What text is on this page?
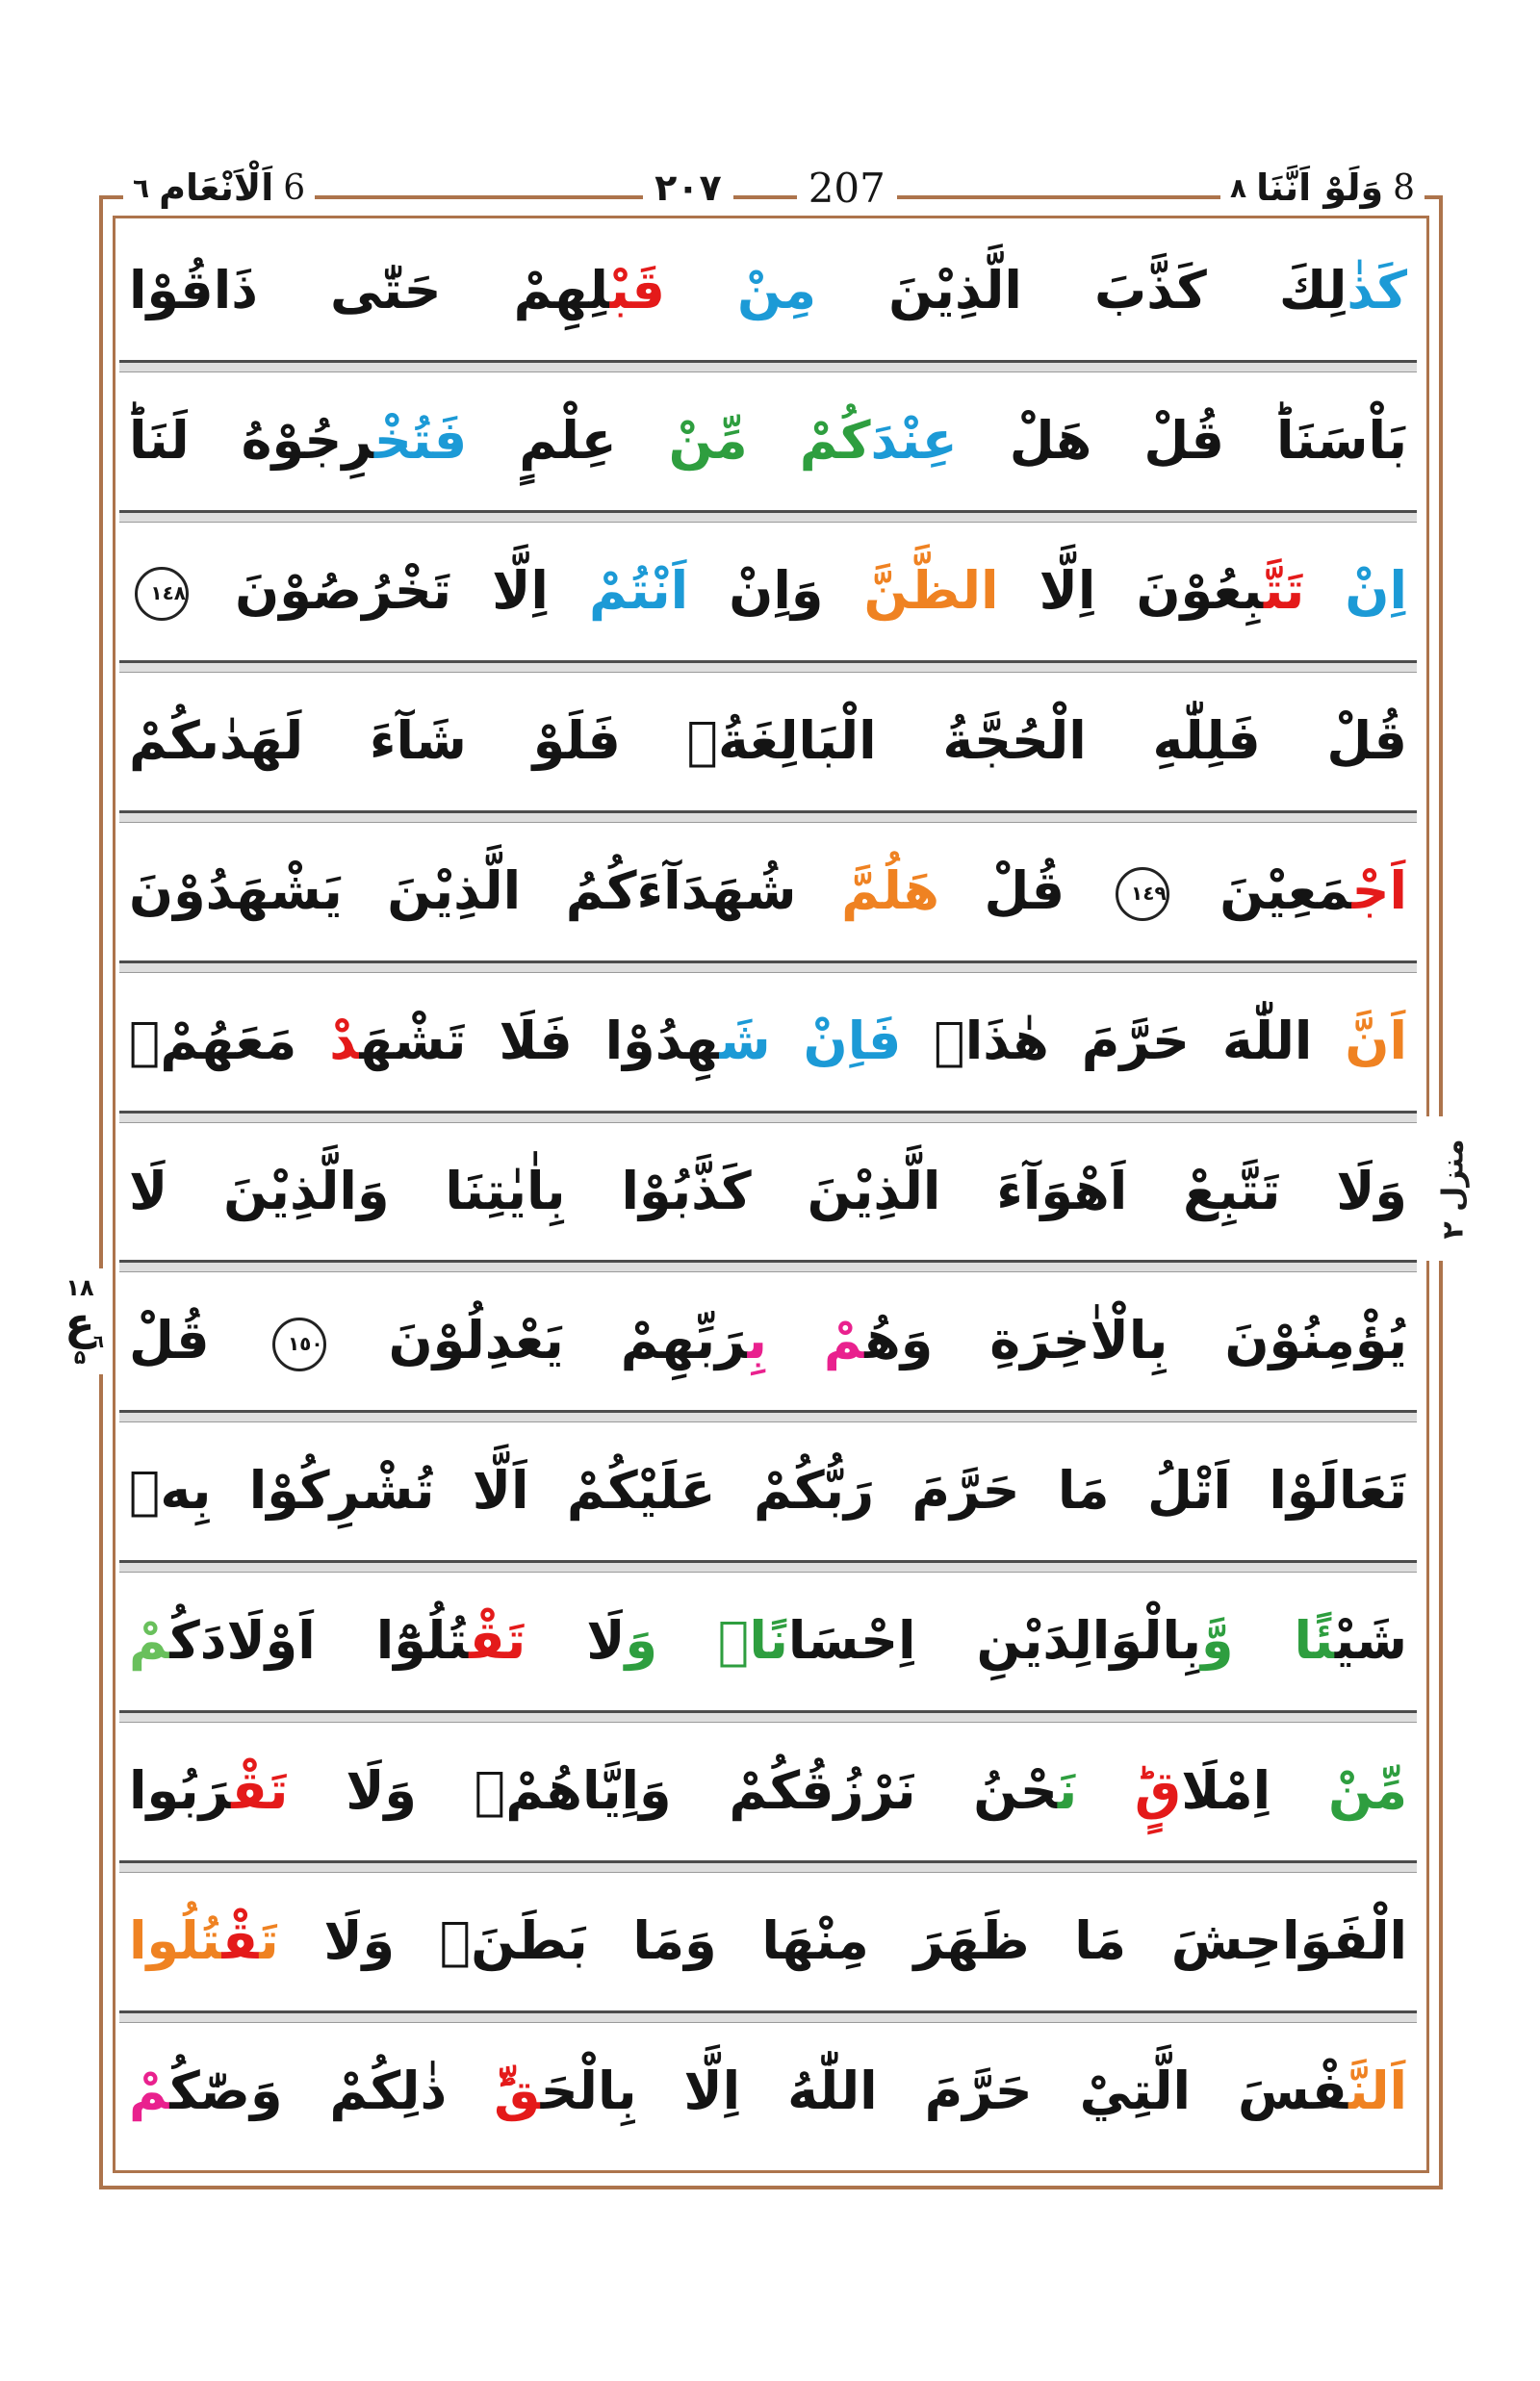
٦ اَلْاَنْعَام 6	٢٠٧ 207	٨ وَلَوْ اَنَّنَا 8
كَذٰلِكَ كَذَّبَ الَّذِيْنَ مِنْ قَبْ‍‍لِهِمْ حَتّٰى ذَاقُوْا
بَاْسَنَاؕ قُلْ هَلْ عِنْدَكُمْ مِّنْ عِلْمٍ فَتُخْ‍‍رِجُوْهُ لَنَاؕ
اِنْ تَتَّ‍‍بِعُوْنَ اِلَّا الظَّنَّ وَاِنْ اَنْتُمْ اِلَّا تَخْرُصُوْنَ ١٤٨
قُلْ فَلِلّٰهِ الْحُجَّةُ الْبَالِغَةُۚ فَلَوْ شَآءَ لَهَدٰىكُمْ
اَجْ‍‍مَعِيْنَ ١٤٩ قُلْ هَلُمَّ شُهَدَآءَكُمُ الَّذِيْنَ يَشْهَدُوْنَ
اَنَّ اللّٰهَ حَرَّمَ هٰذَاۚ فَاِنْ شَ‍‍هِدُوْا فَلَا تَشْهَ‍‍دْ مَعَهُمْۚ
وَلَا تَتَّبِعْ اَهْوَآءَ الَّذِيْنَ كَذَّبُوْا بِاٰيٰتِنَا وَالَّذِيْنَ لَا
يُؤْمِنُوْنَ بِالْاٰخِرَةِ وَهُ‍‍مْ بِ‍‍رَبِّهِمْ يَعْدِلُوْنَ ١٥٠ قُلْ
تَعَالَوْا اَتْلُ مَا حَرَّمَ رَبُّكُمْ عَلَيْكُمْ اَلَّا تُشْرِكُوْا بِهٖ
شَيْ‍‍ئًا وَّبِالْوَالِدَيْنِ اِحْسَانًاۚ وَلَا تَقْ‍‍تُلُوْٓا اَوْلَادَكُ‍‍مْ
مِّنْ اِمْلَاقٍؕ نَ‍‍حْنُ نَرْزُقُكُمْ وَاِيَّاهُمْۚ وَلَا تَقْ‍‍رَبُوا
الْفَوَاحِشَ مَا ظَهَرَ مِنْهَا وَمَا بَطَنَۚ وَلَا تَ‍‍قْ‍‍تُلُوا
اَلنَّ‍‍فْسَ الَّتِيْ حَرَّمَ اللّٰهُ اِلَّا بِالْحَ‍‍قِّؕ ذٰلِكُمْ وَصّٰكُ‍‍مْ
منزل ٢
١٨
ع
٦
۵
